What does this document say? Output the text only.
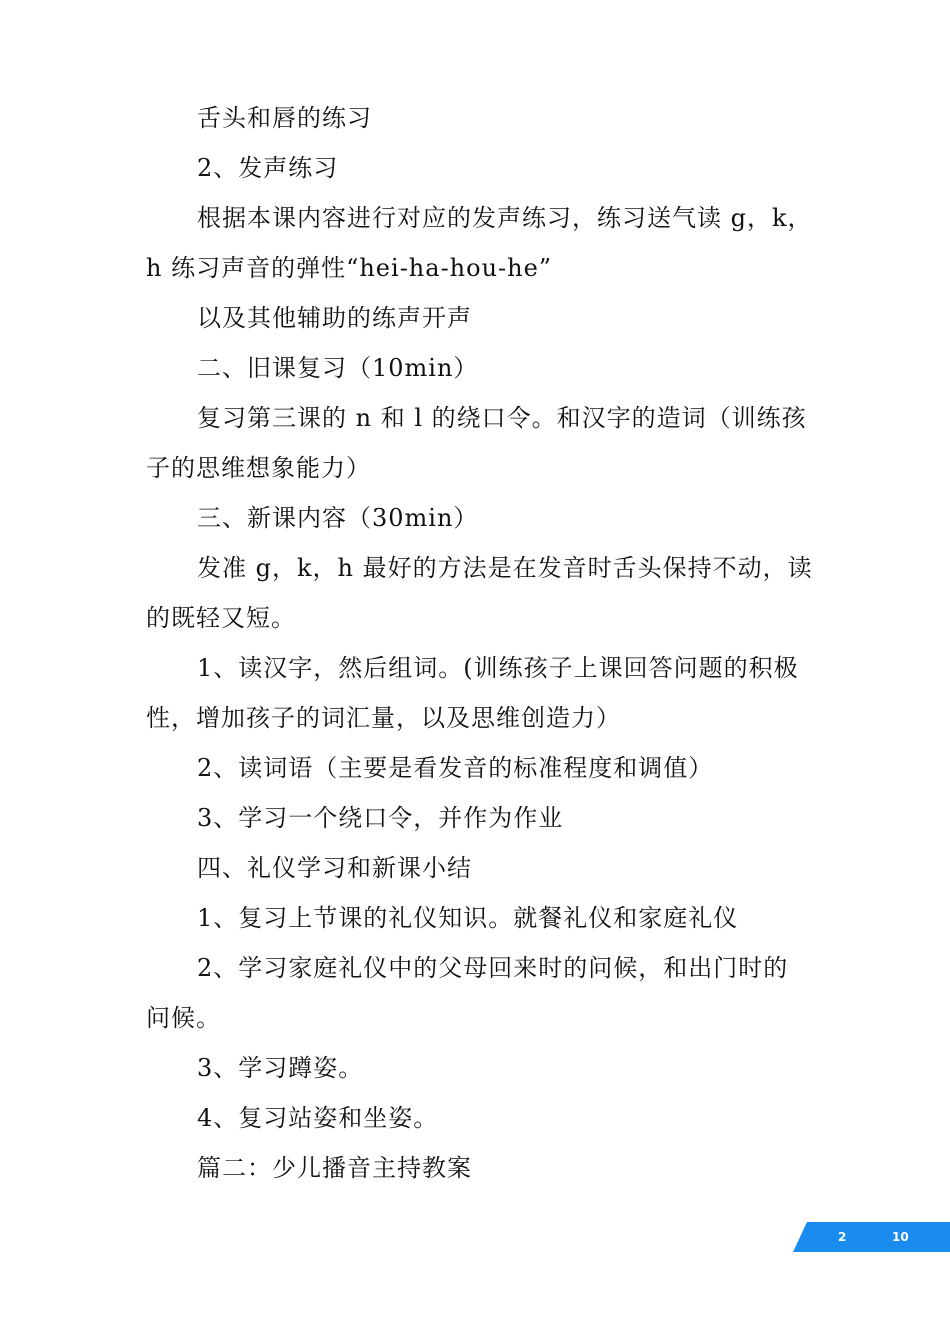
舌头和唇的练习
2、发声练习
根据本课内容进行对应的发声练习，练习送气读 g，k，
h 练习声音的弹性“hei-ha-hou-he”
以及其他辅助的练声开声
二、旧课复习（10min）
复习第三课的 n 和 l 的绕口令。和汉字的造词（训练孩
子的思维想象能力）
三、新课内容（30min）
发准 g，k，h 最好的方法是在发音时舌头保持不动，读
的既轻又短。
1、读汉字，然后组词。(训练孩子上课回答问题的积极
性，增加孩子的词汇量，以及思维创造力）
2、读词语（主要是看发音的标准程度和调值）
3、学习一个绕口令，并作为作业
四、礼仪学习和新课小结
1、复习上节课的礼仪知识。就餐礼仪和家庭礼仪
2、学习家庭礼仪中的父母回来时的问候，和出门时的
问候。
3、学习蹲姿。
4、复习站姿和坐姿。
篇二：少儿播音主持教案
2	10
